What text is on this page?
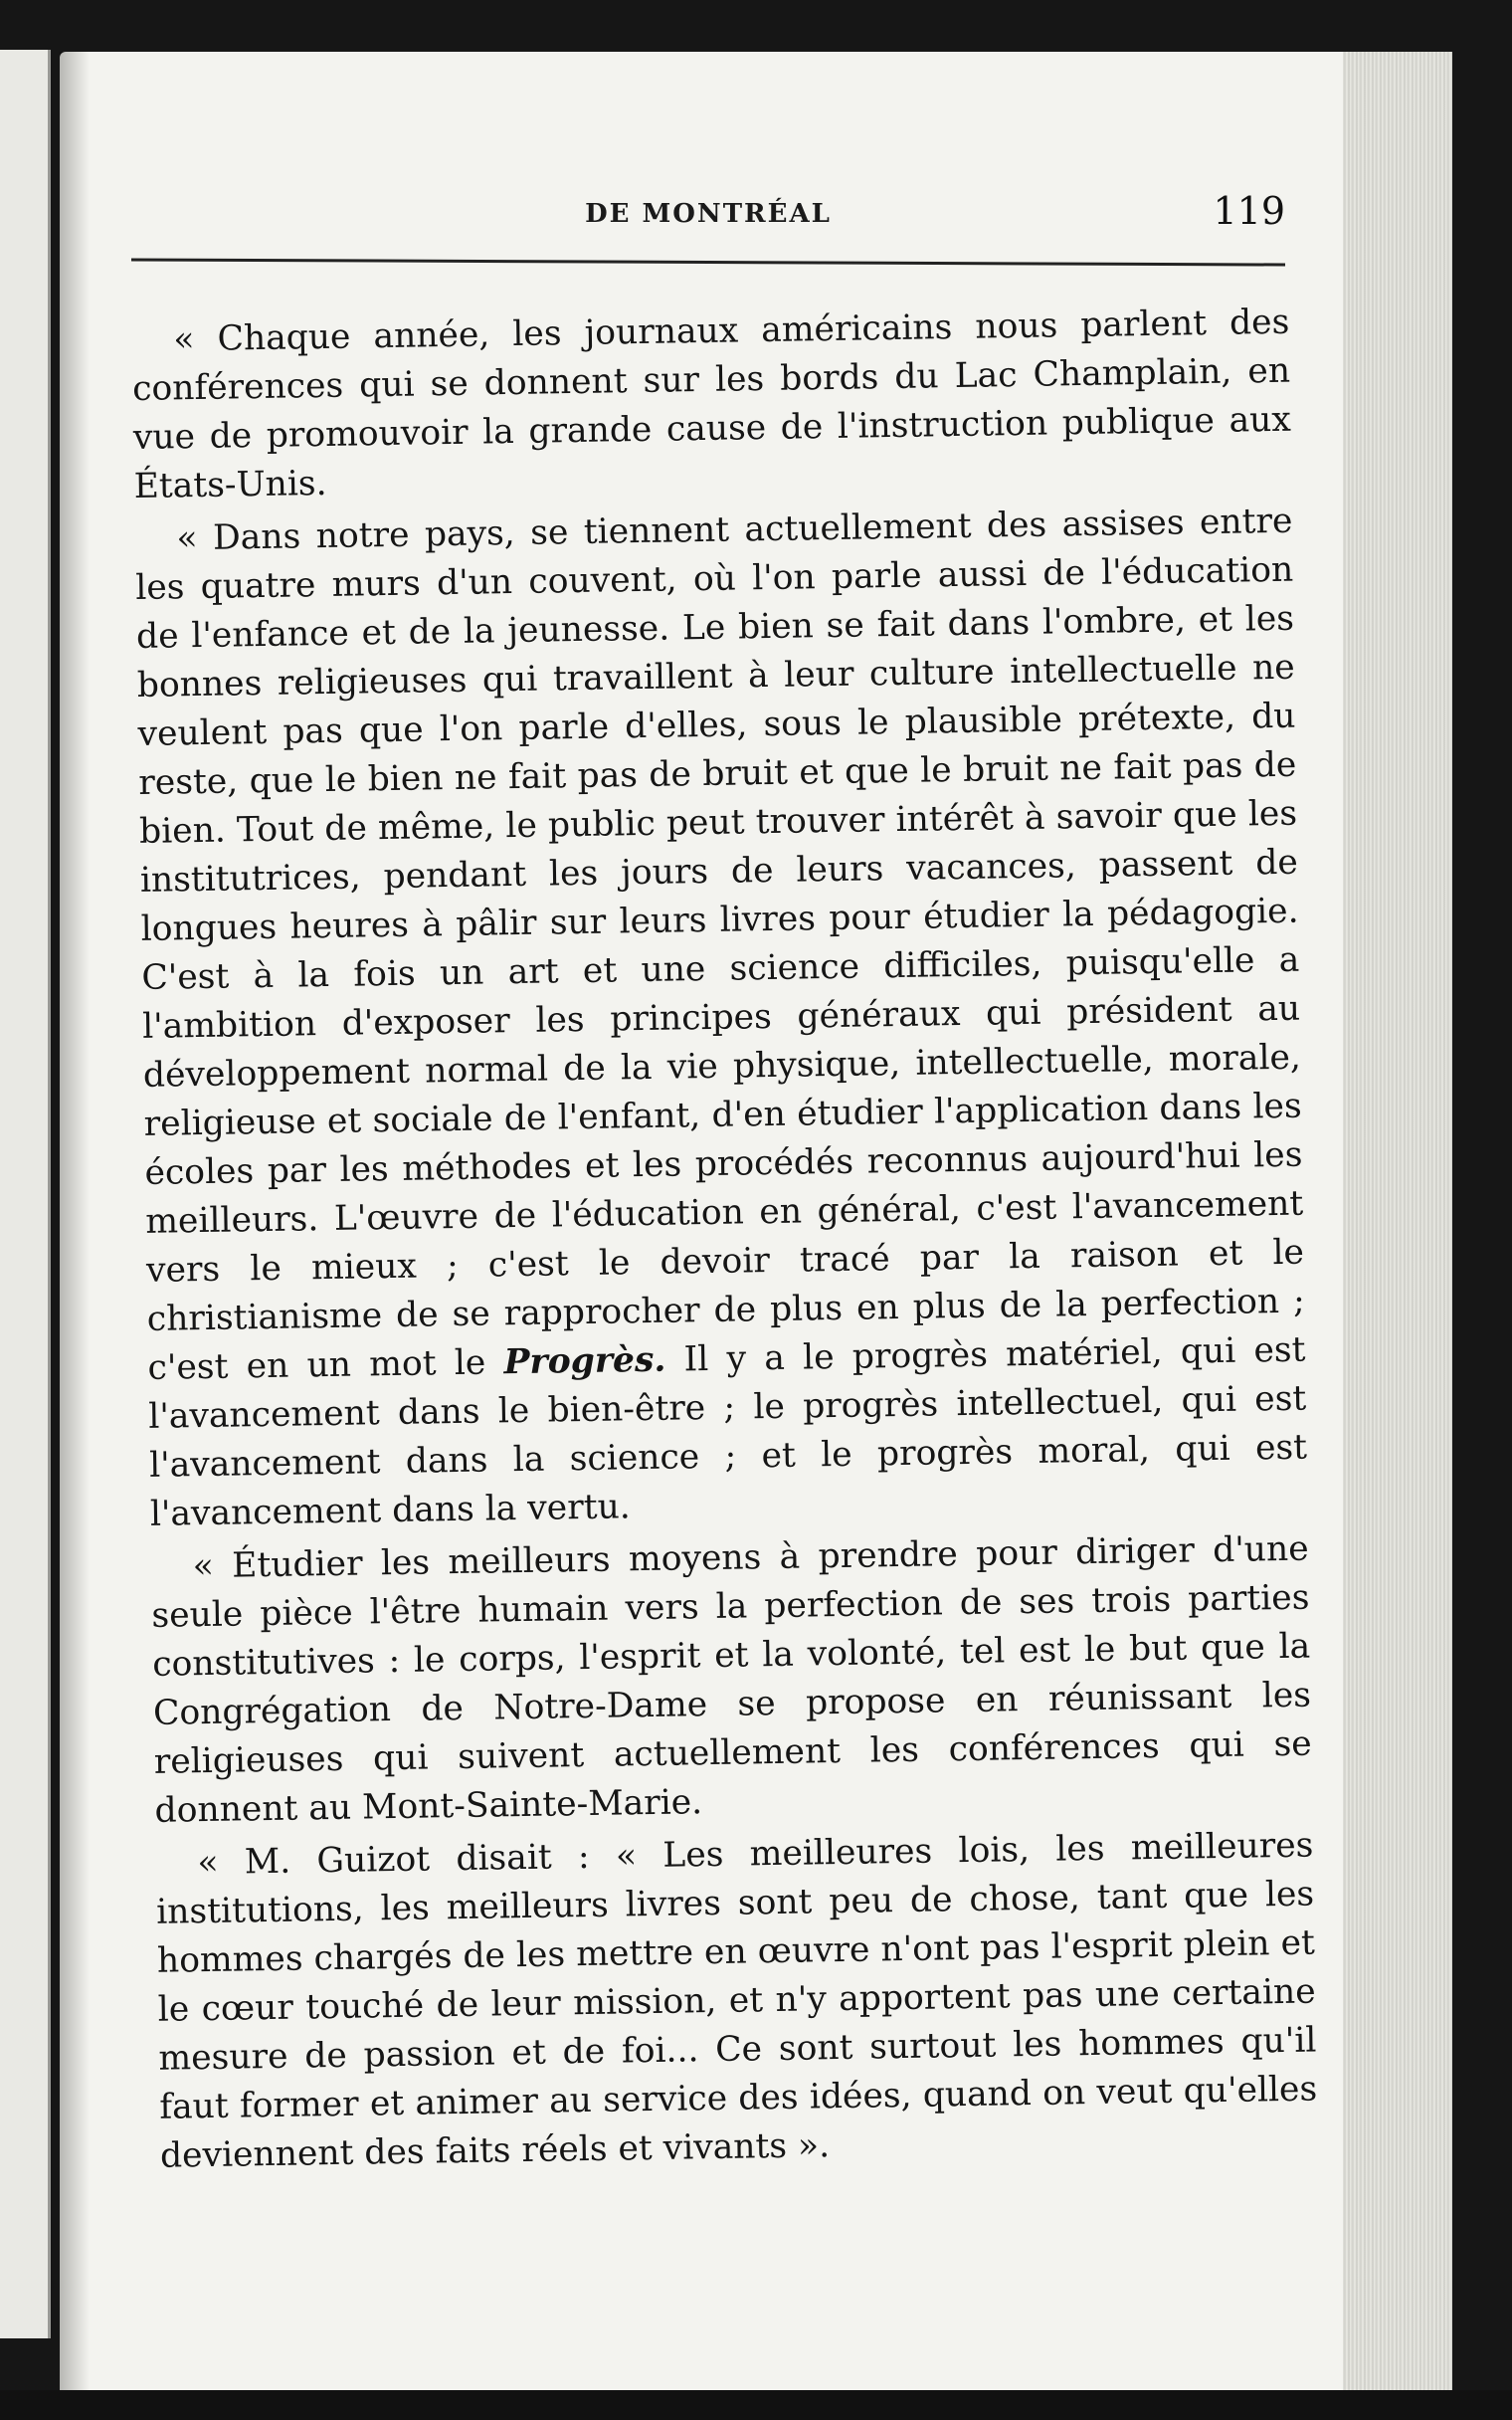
DE MONTRÉAL	119

« Chaque année, les journaux américains nous parlent des conférences qui se donnent sur les bords du Lac Champlain, en vue de promouvoir la grande cause de l'instruction publique aux États-Unis.

« Dans notre pays, se tiennent actuellement des assises entre les quatre murs d'un couvent, où l'on parle aussi de l'éducation de l'enfance et de la jeunesse. Le bien se fait dans l'ombre, et les bonnes religieuses qui travaillent à leur culture intellectuelle ne veulent pas que l'on parle d'elles, sous le plausible prétexte, du reste, que le bien ne fait pas de bruit et que le bruit ne fait pas de bien. Tout de même, le public peut trouver intérêt à savoir que les institutrices, pendant les jours de leurs vacances, passent de longues heures à pâlir sur leurs livres pour étudier la pédagogie. C'est à la fois un art et une science difficiles, puisqu'elle a l'ambition d'exposer les principes généraux qui président au développement normal de la vie physique, intellectuelle, morale, religieuse et sociale de l'enfant, d'en étudier l'application dans les écoles par les méthodes et les procédés reconnus aujourd'hui les meilleurs. L'œuvre de l'éducation en général, c'est l'avancement vers le mieux ; c'est le devoir tracé par la raison et le christianisme de se rapprocher de plus en plus de la perfection ; c'est en un mot le Progrès. Il y a le progrès matériel, qui est l'avancement dans le bien-être ; le progrès intellectuel, qui est l'avancement dans la science ; et le progrès moral, qui est l'avancement dans la vertu.

« Étudier les meilleurs moyens à prendre pour diriger d'une seule pièce l'être humain vers la perfection de ses trois parties constitutives : le corps, l'esprit et la volonté, tel est le but que la Congrégation de Notre-Dame se propose en réunissant les religieuses qui suivent actuellement les conférences qui se donnent au Mont-Sainte-Marie.

« M. Guizot disait : « Les meilleures lois, les meilleures institutions, les meilleurs livres sont peu de chose, tant que les hommes chargés de les mettre en œuvre n'ont pas l'esprit plein et le cœur touché de leur mission, et n'y apportent pas une certaine mesure de passion et de foi... Ce sont surtout les hommes qu'il faut former et animer au service des idées, quand on veut qu'elles deviennent des faits réels et vivants ».
